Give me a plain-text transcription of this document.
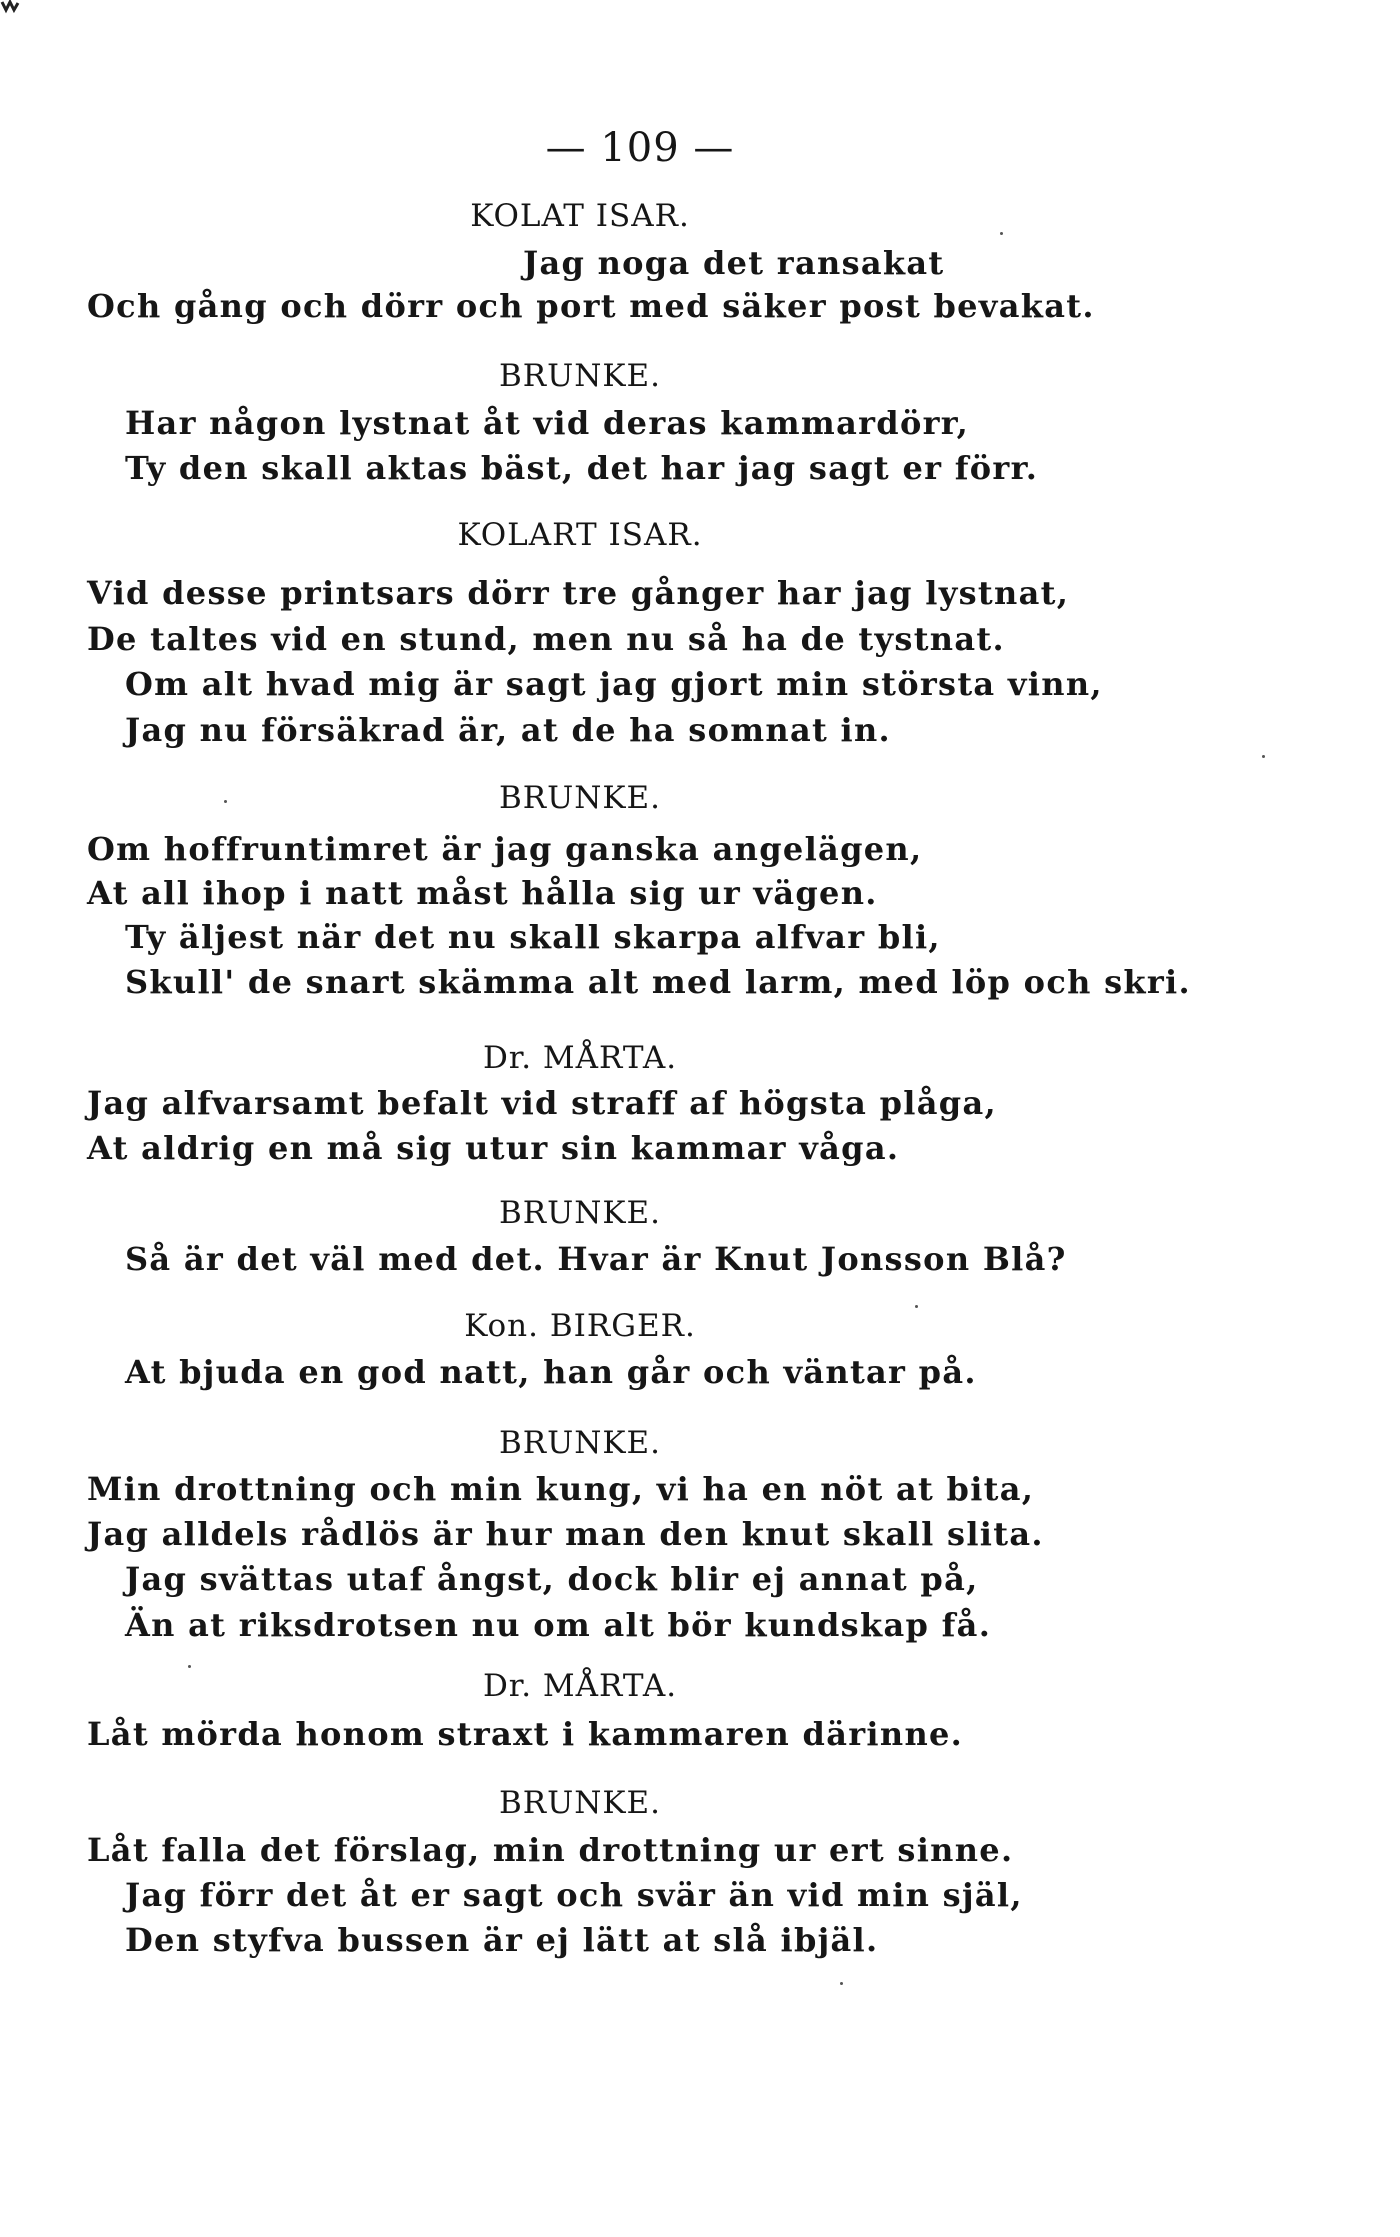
— 109 —
KOLAT ISAR.
BRUNKE.
KOLART ISAR.
BRUNKE.
Dr. MÅRTA.
BRUNKE.
Kon. BIRGER.
BRUNKE.
Dr. MÅRTA.
BRUNKE.
Jag noga det ransakat
Och gång och dörr och port med säker post bevakat.
Har någon lystnat åt vid deras kammardörr,
Ty den skall aktas bäst, det har jag sagt er förr.
Vid desse printsars dörr tre gånger har jag lystnat,
De taltes vid en stund, men nu så ha de tystnat.
Om alt hvad mig är sagt jag gjort min största vinn,
Jag nu försäkrad är, at de ha somnat in.
Om hoffruntimret är jag ganska angelägen,
At all ihop i natt måst hålla sig ur vägen.
Ty äljest när det nu skall skarpa alfvar bli,
Skull' de snart skämma alt med larm, med löp och skri.
Jag alfvarsamt befalt vid straff af högsta plåga,
At aldrig en må sig utur sin kammar våga.
Så är det väl med det. Hvar är Knut Jonsson Blå?
At bjuda en god natt, han går och väntar på.
Min drottning och min kung, vi ha en nöt at bita,
Jag alldels rådlös är hur man den knut skall slita.
Jag svättas utaf ångst, dock blir ej annat på,
Än at riksdrotsen nu om alt bör kundskap få.
Låt mörda honom straxt i kammaren därinne.
Låt falla det förslag, min drottning ur ert sinne.
Jag förr det åt er sagt och svär än vid min själ,
Den styfva bussen är ej lätt at slå ibjäl.
